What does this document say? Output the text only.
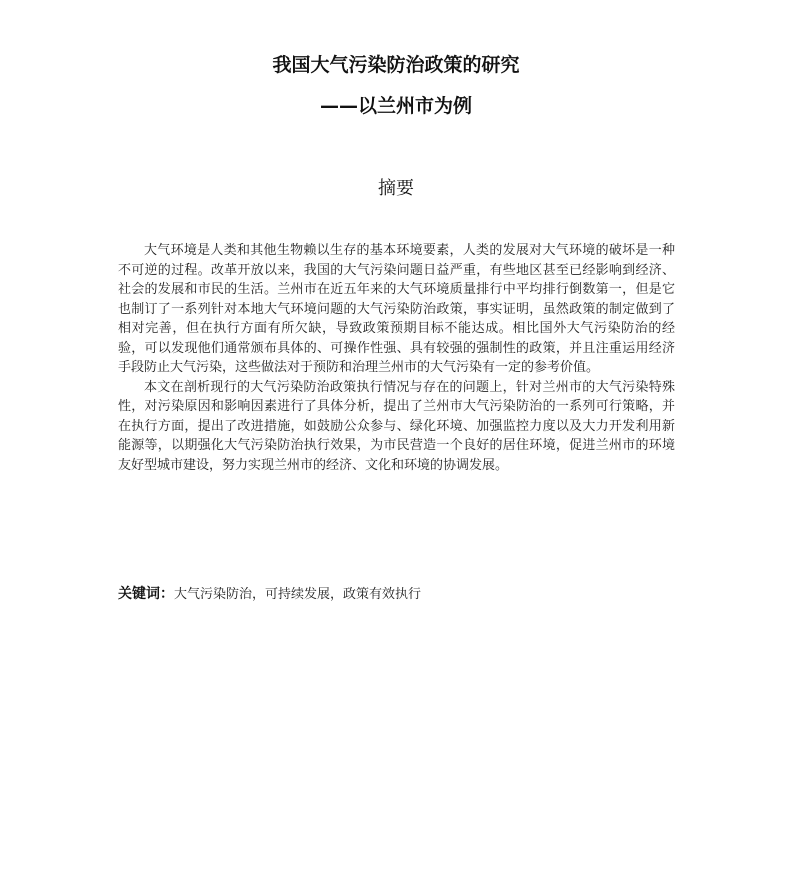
我国大气污染防治政策的研究
——以兰州市为例
摘要

大气环境是人类和其他生物赖以生存的基本环境要素，人类的发展对大气环境的破坏是一种不可逆的过程。改革开放以来，我国的大气污染问题日益严重，有些地区甚至已经影响到经济、社会的发展和市民的生活。兰州市在近五年来的大气环境质量排行中平均排行倒数第一，但是它也制订了一系列针对本地大气环境问题的大气污染防治政策，事实证明，虽然政策的制定做到了相对完善，但在执行方面有所欠缺，导致政策预期目标不能达成。相比国外大气污染防治的经验，可以发现他们通常颁布具体的、可操作性强、具有较强的强制性的政策，并且注重运用经济手段防止大气污染，这些做法对于预防和治理兰州市的大气污染有一定的参考价值。

本文在剖析现行的大气污染防治政策执行情况与存在的问题上，针对兰州市的大气污染特殊性，对污染原因和影响因素进行了具体分析，提出了兰州市大气污染防治的一系列可行策略，并在执行方面，提出了改进措施，如鼓励公众参与、绿化环境、加强监控力度以及大力开发利用新能源等，以期强化大气污染防治执行效果，为市民营造一个良好的居住环境，促进兰州市的环境友好型城市建设，努力实现兰州市的经济、文化和环境的协调发展。

关键词：大气污染防治，可持续发展，政策有效执行
